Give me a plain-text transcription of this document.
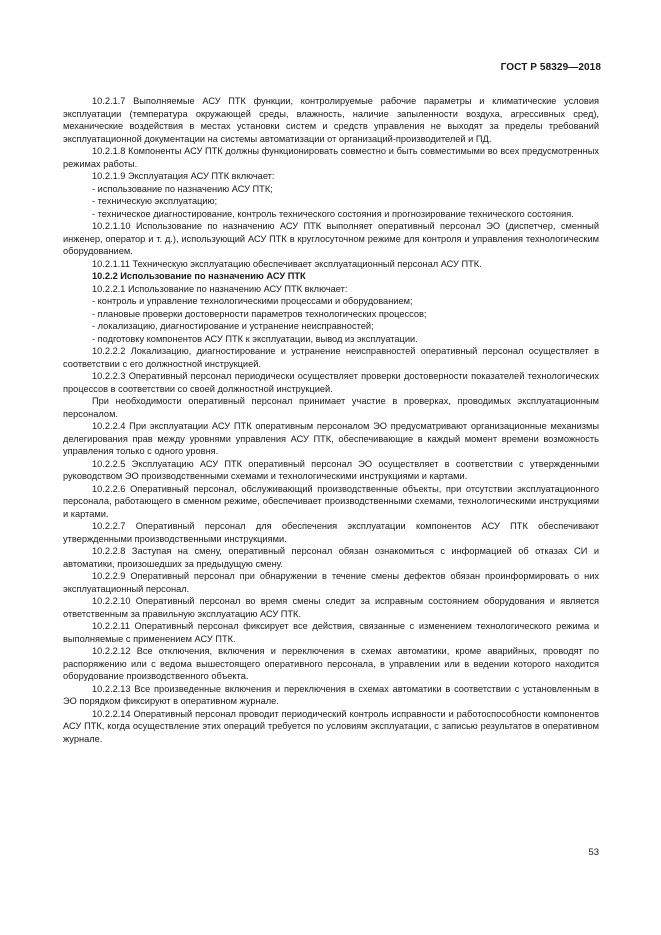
ГОСТ Р 58329—2018

10.2.1.7 Выполняемые АСУ ПТК функции, контролируемые рабочие параметры и климатические условия эксплуатации (температура окружающей среды, влажность, наличие запыленности воздуха, агрессивных сред), механические воздействия в местах установки систем и средств управления не выходят за пределы требований эксплуатационной документации на системы автоматизации от организаций-производителей и ПД.

10.2.1.8 Компоненты АСУ ПТК должны функционировать совместно и быть совместимыми во всех предусмотренных режимах работы.

10.2.1.9 Эксплуатация АСУ ПТК включает:

- использование по назначению АСУ ПТК;

- техническую эксплуатацию;

- техническое диагностирование, контроль технического состояния и прогнозирование технического состояния.

10.2.1.10 Использование по назначению АСУ ПТК выполняет оперативный персонал ЭО (диспетчер, сменный инженер, оператор и т. д.), использующий АСУ ПТК в круглосуточном режиме для контроля и управления технологическим оборудованием.

10.2.1.11 Техническую эксплуатацию обеспечивает эксплуатационный персонал АСУ ПТК.

10.2.2 Использование по назначению АСУ ПТК

10.2.2.1 Использование по назначению АСУ ПТК включает:

- контроль и управление технологическими процессами и оборудованием;

- плановые проверки достоверности параметров технологических процессов;

- локализацию, диагностирование и устранение неисправностей;

- подготовку компонентов АСУ ПТК к эксплуатации, вывод из эксплуатации.

10.2.2.2 Локализацию, диагностирование и устранение неисправностей оперативный персонал осуществляет в соответствии с его должностной инструкцией.

10.2.2.3 Оперативный персонал периодически осуществляет проверки достоверности показателей технологических процессов в соответствии со своей должностной инструкцией.

При необходимости оперативный персонал принимает участие в проверках, проводимых эксплуатационным персоналом.

10.2.2.4 При эксплуатации АСУ ПТК оперативным персоналом ЭО предусматривают организационные механизмы делегирования прав между уровнями управления АСУ ПТК, обеспечивающие в каждый момент времени возможность управления только с одного уровня.

10.2.2.5 Эксплуатацию АСУ ПТК оперативный персонал ЭО осуществляет в соответствии с утвержденными руководством ЭО производственными схемами и технологическими инструкциями и картами.

10.2.2.6 Оперативный персонал, обслуживающий производственные объекты, при отсутствии эксплуатационного персонала, работающего в сменном режиме, обеспечивает производственными схемами, технологическими инструкциями и картами.

10.2.2.7 Оперативный персонал для обеспечения эксплуатации компонентов АСУ ПТК обеспечивают утвержденными производственными инструкциями.

10.2.2.8 Заступая на смену, оперативный персонал обязан ознакомиться с информацией об отказах СИ и автоматики, произошедших за предыдущую смену.

10.2.2.9 Оперативный персонал при обнаружении в течение смены дефектов обязан проинформировать о них эксплуатационный персонал.

10.2.2.10 Оперативный персонал во время смены следит за исправным состоянием оборудования и является ответственным за правильную эксплуатацию АСУ ПТК.

10.2.2.11 Оперативный персонал фиксирует все действия, связанные с изменением технологического режима и выполняемые с применением АСУ ПТК.

10.2.2.12 Все отключения, включения и переключения в схемах автоматики, кроме аварийных, проводят по распоряжению или с ведома вышестоящего оперативного персонала, в управлении или в ведении которого находится оборудование производственного объекта.

10.2.2.13 Все произведенные включения и переключения в схемах автоматики в соответствии с установленным в ЭО порядком фиксируют в оперативном журнале.

10.2.2.14 Оперативный персонал проводит периодический контроль исправности и работоспособности компонентов АСУ ПТК, когда осуществление этих операций требуется по условиям эксплуатации, с записью результатов в оперативном журнале.

53
